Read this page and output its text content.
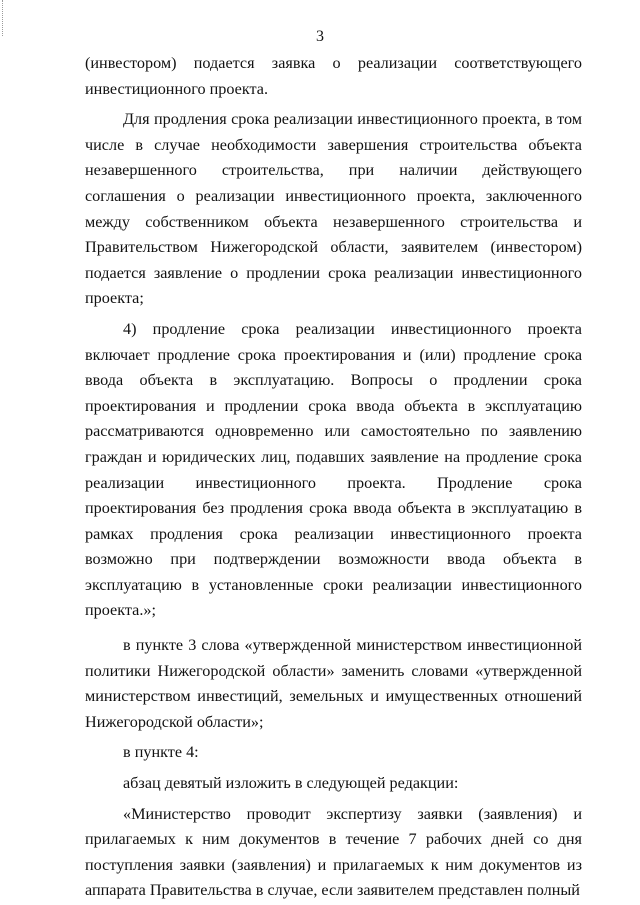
3

(инвестором) подается заявка о реализации соответствующего инвестиционного проекта.

Для продления срока реализации инвестиционного проекта, в том числе в случае необходимости завершения строительства объекта незавершенного строительства, при наличии действующего соглашения о реализации инвестиционного проекта, заключенного между собственником объекта незавершенного строительства и Правительством Нижегородской области, заявителем (инвестором) подается заявление о продлении срока реализации инвестиционного проекта;

4) продление срока реализации инвестиционного проекта включает продление срока проектирования и (или) продление срока ввода объекта в эксплуатацию. Вопросы о продлении срока проектирования и продлении срока ввода объекта в эксплуатацию рассматриваются одновременно или самостоятельно по заявлению граждан и юридических лиц, подавших заявление на продление срока реализации инвестиционного проекта. Продление срока проектирования без продления срока ввода объекта в эксплуатацию в рамках продления срока реализации инвестиционного проекта возможно при подтверждении возможности ввода объекта в эксплуатацию в установленные сроки реализации инвестиционного проекта.»;

в пункте 3 слова «утвержденной министерством инвестиционной политики Нижегородской области» заменить словами «утвержденной министерством инвестиций, земельных и имущественных отношений Нижегородской области»;

в пункте 4:

абзац девятый изложить в следующей редакции:

«Министерство проводит экспертизу заявки (заявления) и прилагаемых к ним документов в течение 7 рабочих дней со дня поступления заявки (заявления) и прилагаемых к ним документов из аппарата Правительства в случае, если заявителем представлен полный
